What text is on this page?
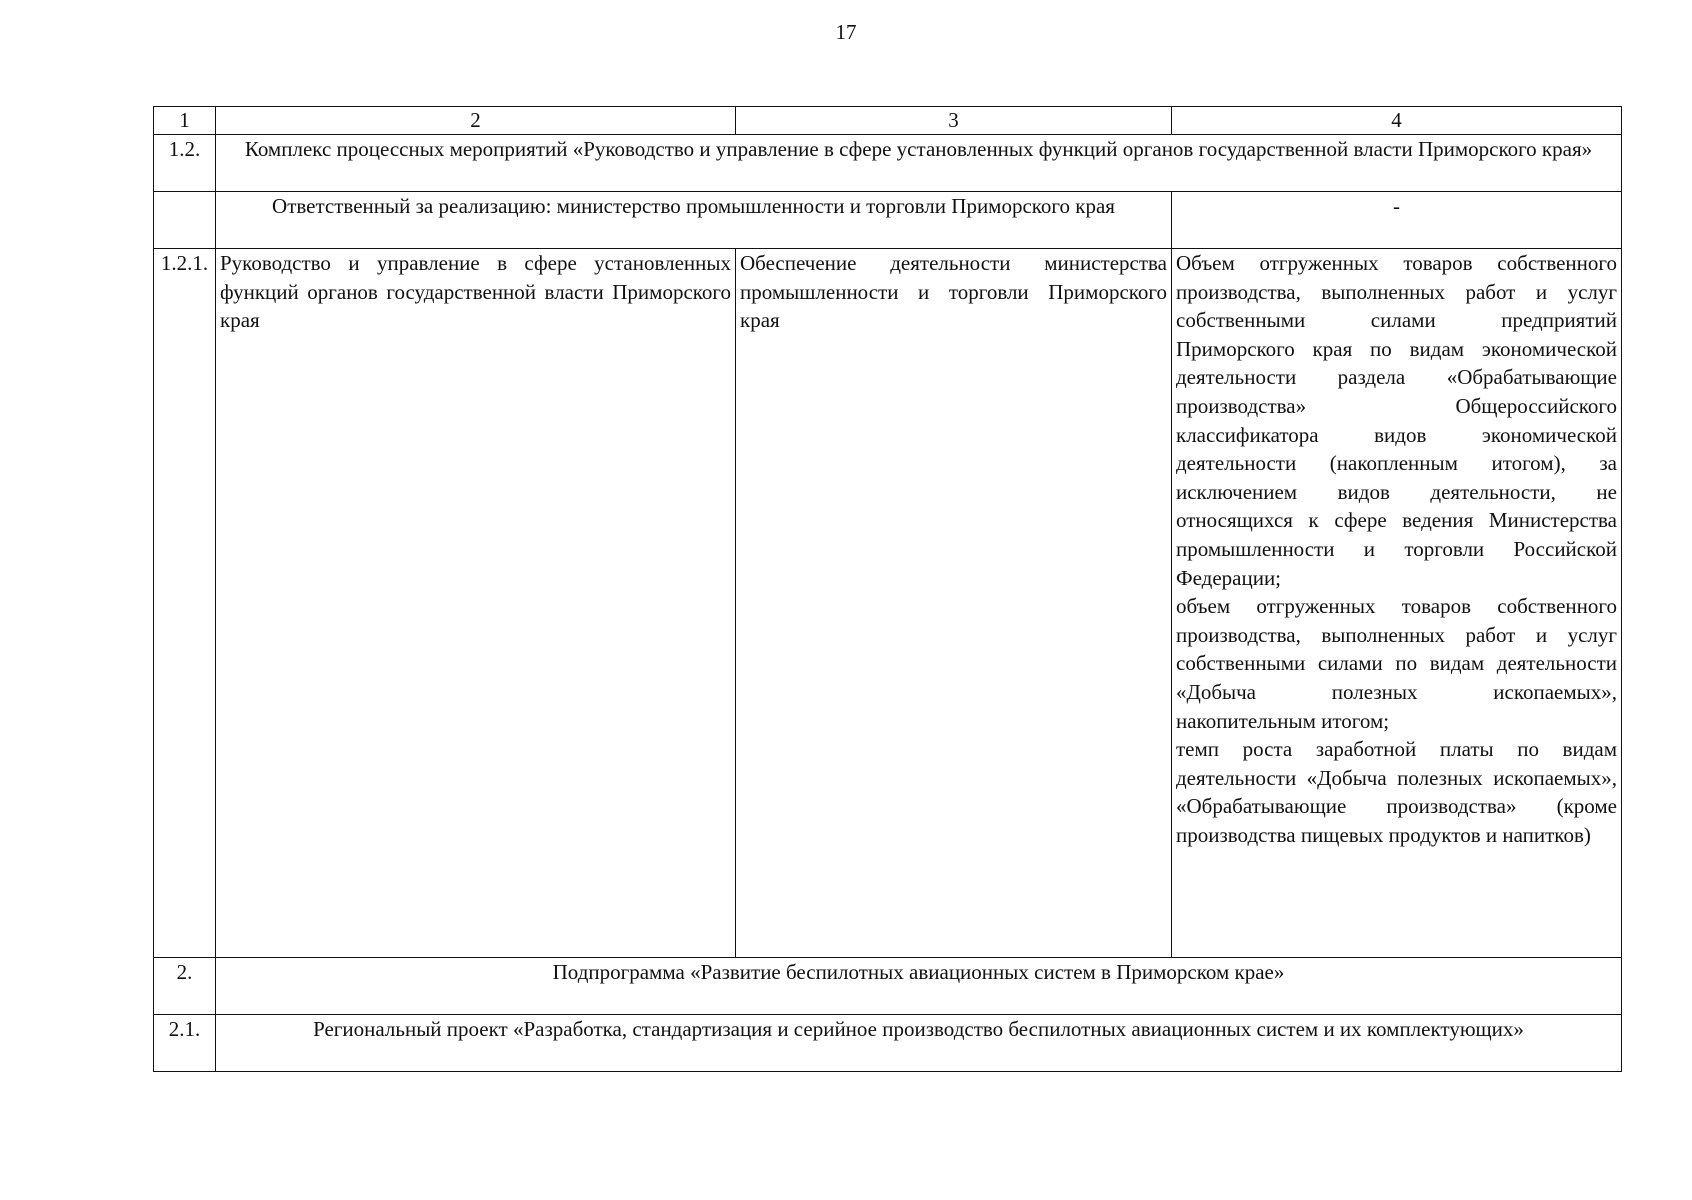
17
1	2	3	4
1.2.	Комплекс процессных мероприятий «Руководство и управление в сфере установленных функций органов государственной власти Приморского края»		
	Ответственный за реализацию: министерство промышленности и торговли Приморского края		-
1.2.1.	Руководство и управление в сфере установленных функций органов государственной власти Приморского края	Обеспечение деятельности министерства промышленности и торговли Приморского края	Объем отгруженных товаров собственного производства, выполненных работ и услуг собственными силами предприятий Приморского края по видам экономической деятельности раздела «Обрабатывающие производства» Общероссийского классификатора видов экономической деятельности (накопленным итогом), за исключением видов деятельности, не относящихся к сфере ведения Министерства промышленности и торговли Российской Федерации;
объем отгруженных товаров собственного производства, выполненных работ и услуг собственными силами по видам деятельности «Добыча полезных ископаемых», накопительным итогом;
темп роста заработной платы по видам деятельности «Добыча полезных ископаемых», «Обрабатывающие производства» (кроме производства пищевых продуктов и напитков)

2.	Подпрограмма «Развитие беспилотных авиационных систем в Приморском крае»		
2.1.	Региональный проект «Разработка, стандартизация и серийное производство беспилотных авиационных систем и их комплектующих»		
